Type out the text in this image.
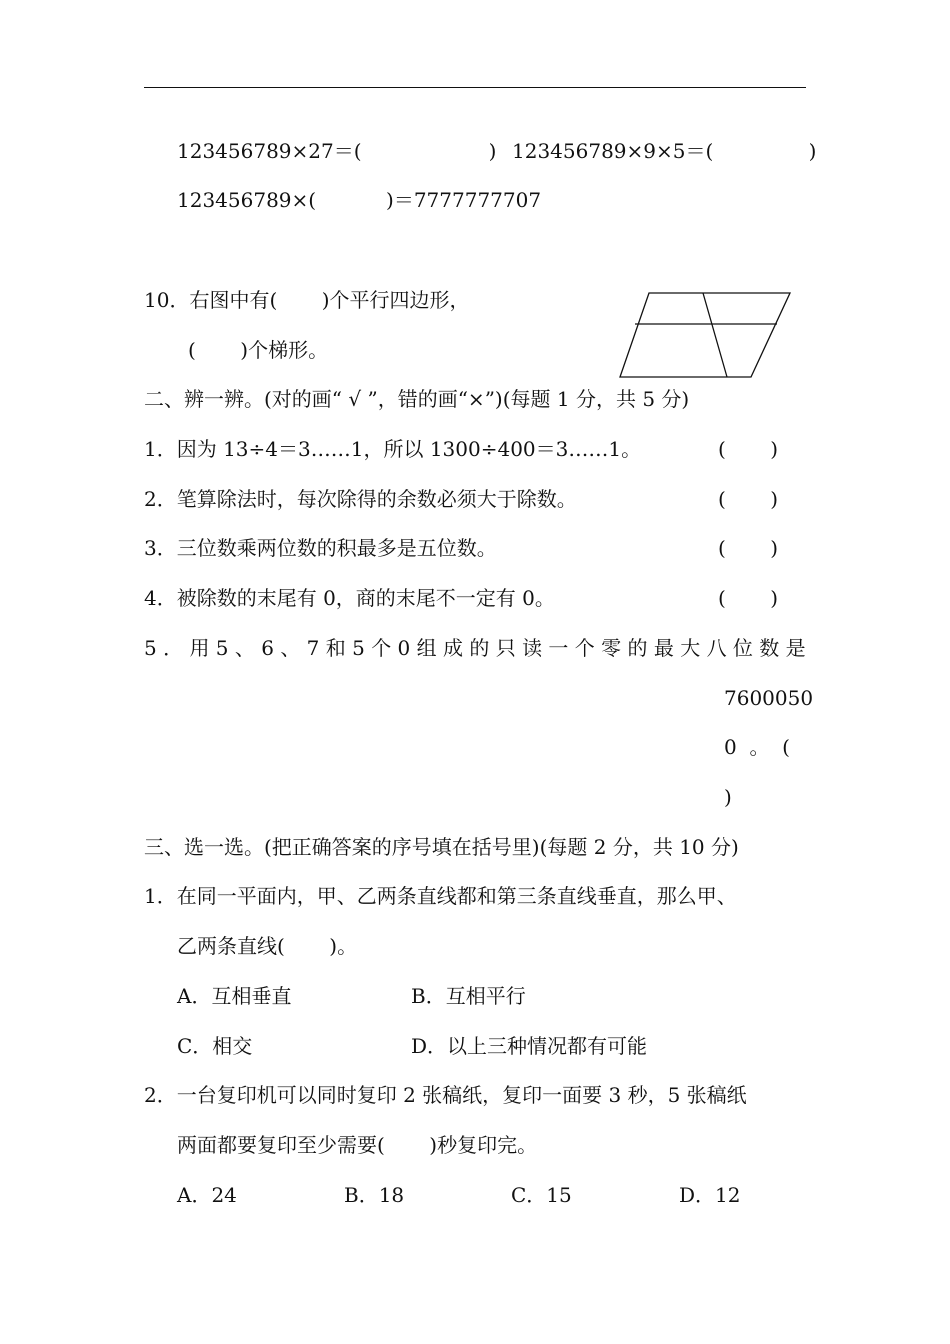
123456789×27＝(                    ) 123456789×9×5＝(               )
123456789×(           )＝7777777707
10．右图中有(       )个平行四边形，
(       )个梯形。
二、辨一辨。(对的画“ √ ”，错的画“×”)(每题 1 分，共 5 分)
1．因为 13÷4＝3……1，所以 1300÷400＝3……1。	(       )
2．笔算除法时，每次除得的余数必须大于除数。	(       )
3．三位数乘两位数的积最多是五位数。	(       )
4．被除数的末尾有 0，商的末尾不一定有 0。	(       )
5 ． 用 5 、 6 、 7 和 5 个 0 组 成 的 只 读 一 个 零 的 最 大 八 位 数 是
7600050
0  。  (
)
三、选一选。(把正确答案的序号填在括号里)(每题 2 分，共 10 分)
1．在同一平面内，甲、乙两条直线都和第三条直线垂直，那么甲、
乙两条直线(       )。
A．互相垂直	B．互相平行
C．相交	D．以上三种情况都有可能
2．一台复印机可以同时复印 2 张稿纸，复印一面要 3 秒，5 张稿纸
两面都要复印至少需要(       )秒复印完。
A．24	B．18	C．15	D．12
